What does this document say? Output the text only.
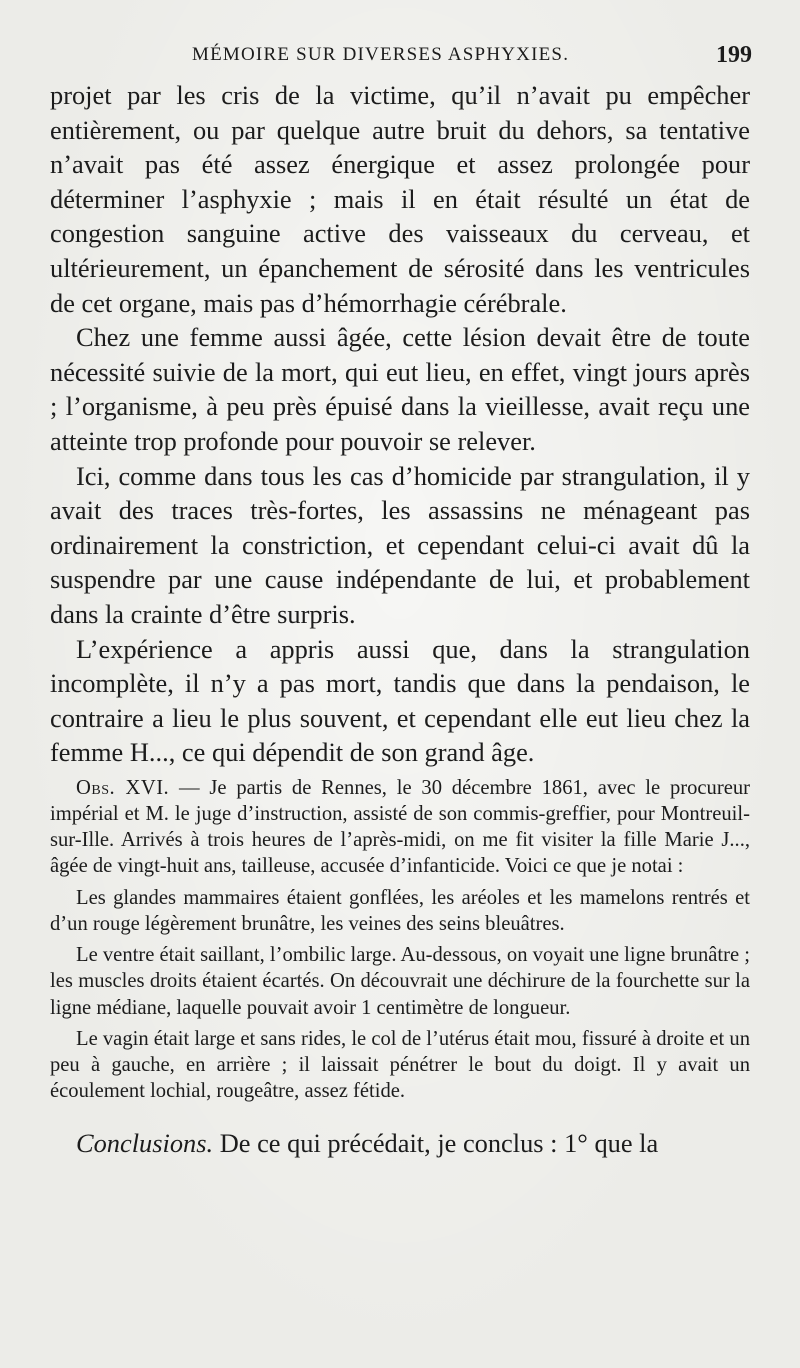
MÉMOIRE SUR DIVERSES ASPHYXIES.	199

projet par les cris de la victime, qu’il n’avait pu empêcher entièrement, ou par quelque autre bruit du dehors, sa tentative n’avait pas été assez énergique et assez prolongée pour déterminer l’asphyxie ; mais il en était résulté un état de congestion sanguine active des vaisseaux du cerveau, et ultérieurement, un épanchement de sérosité dans les ventricules de cet organe, mais pas d’hémorrhagie cérébrale.

Chez une femme aussi âgée, cette lésion devait être de toute nécessité suivie de la mort, qui eut lieu, en effet, vingt jours après ; l’organisme, à peu près épuisé dans la vieillesse, avait reçu une atteinte trop profonde pour pouvoir se relever.

Ici, comme dans tous les cas d’homicide par strangulation, il y avait des traces très-fortes, les assassins ne ménageant pas ordinairement la constriction, et cependant celui-ci avait dû la suspendre par une cause indépendante de lui, et probablement dans la crainte d’être surpris.

L’expérience a appris aussi que, dans la strangulation incomplète, il n’y a pas mort, tandis que dans la pendaison, le contraire a lieu le plus souvent, et cependant elle eut lieu chez la femme H..., ce qui dépendit de son grand âge.

Obs. XVI. — Je partis de Rennes, le 30 décembre 1861, avec le procureur impérial et M. le juge d’instruction, assisté de son commis-greffier, pour Montreuil-sur-Ille. Arrivés à trois heures de l’après-midi, on me fit visiter la fille Marie J..., âgée de vingt-huit ans, tailleuse, accusée d’infanticide. Voici ce que je notai :

Les glandes mammaires étaient gonflées, les aréoles et les mamelons rentrés et d’un rouge légèrement brunâtre, les veines des seins bleuâtres.

Le ventre était saillant, l’ombilic large. Au-dessous, on voyait une ligne brunâtre ; les muscles droits étaient écartés. On découvrait une déchirure de la fourchette sur la ligne médiane, laquelle pouvait avoir 1 centimètre de longueur.

Le vagin était large et sans rides, le col de l’utérus était mou, fissuré à droite et un peu à gauche, en arrière ; il laissait pénétrer le bout du doigt. Il y avait un écoulement lochial, rougeâtre, assez fétide.

Conclusions. De ce qui précédait, je conclus : 1° que la
